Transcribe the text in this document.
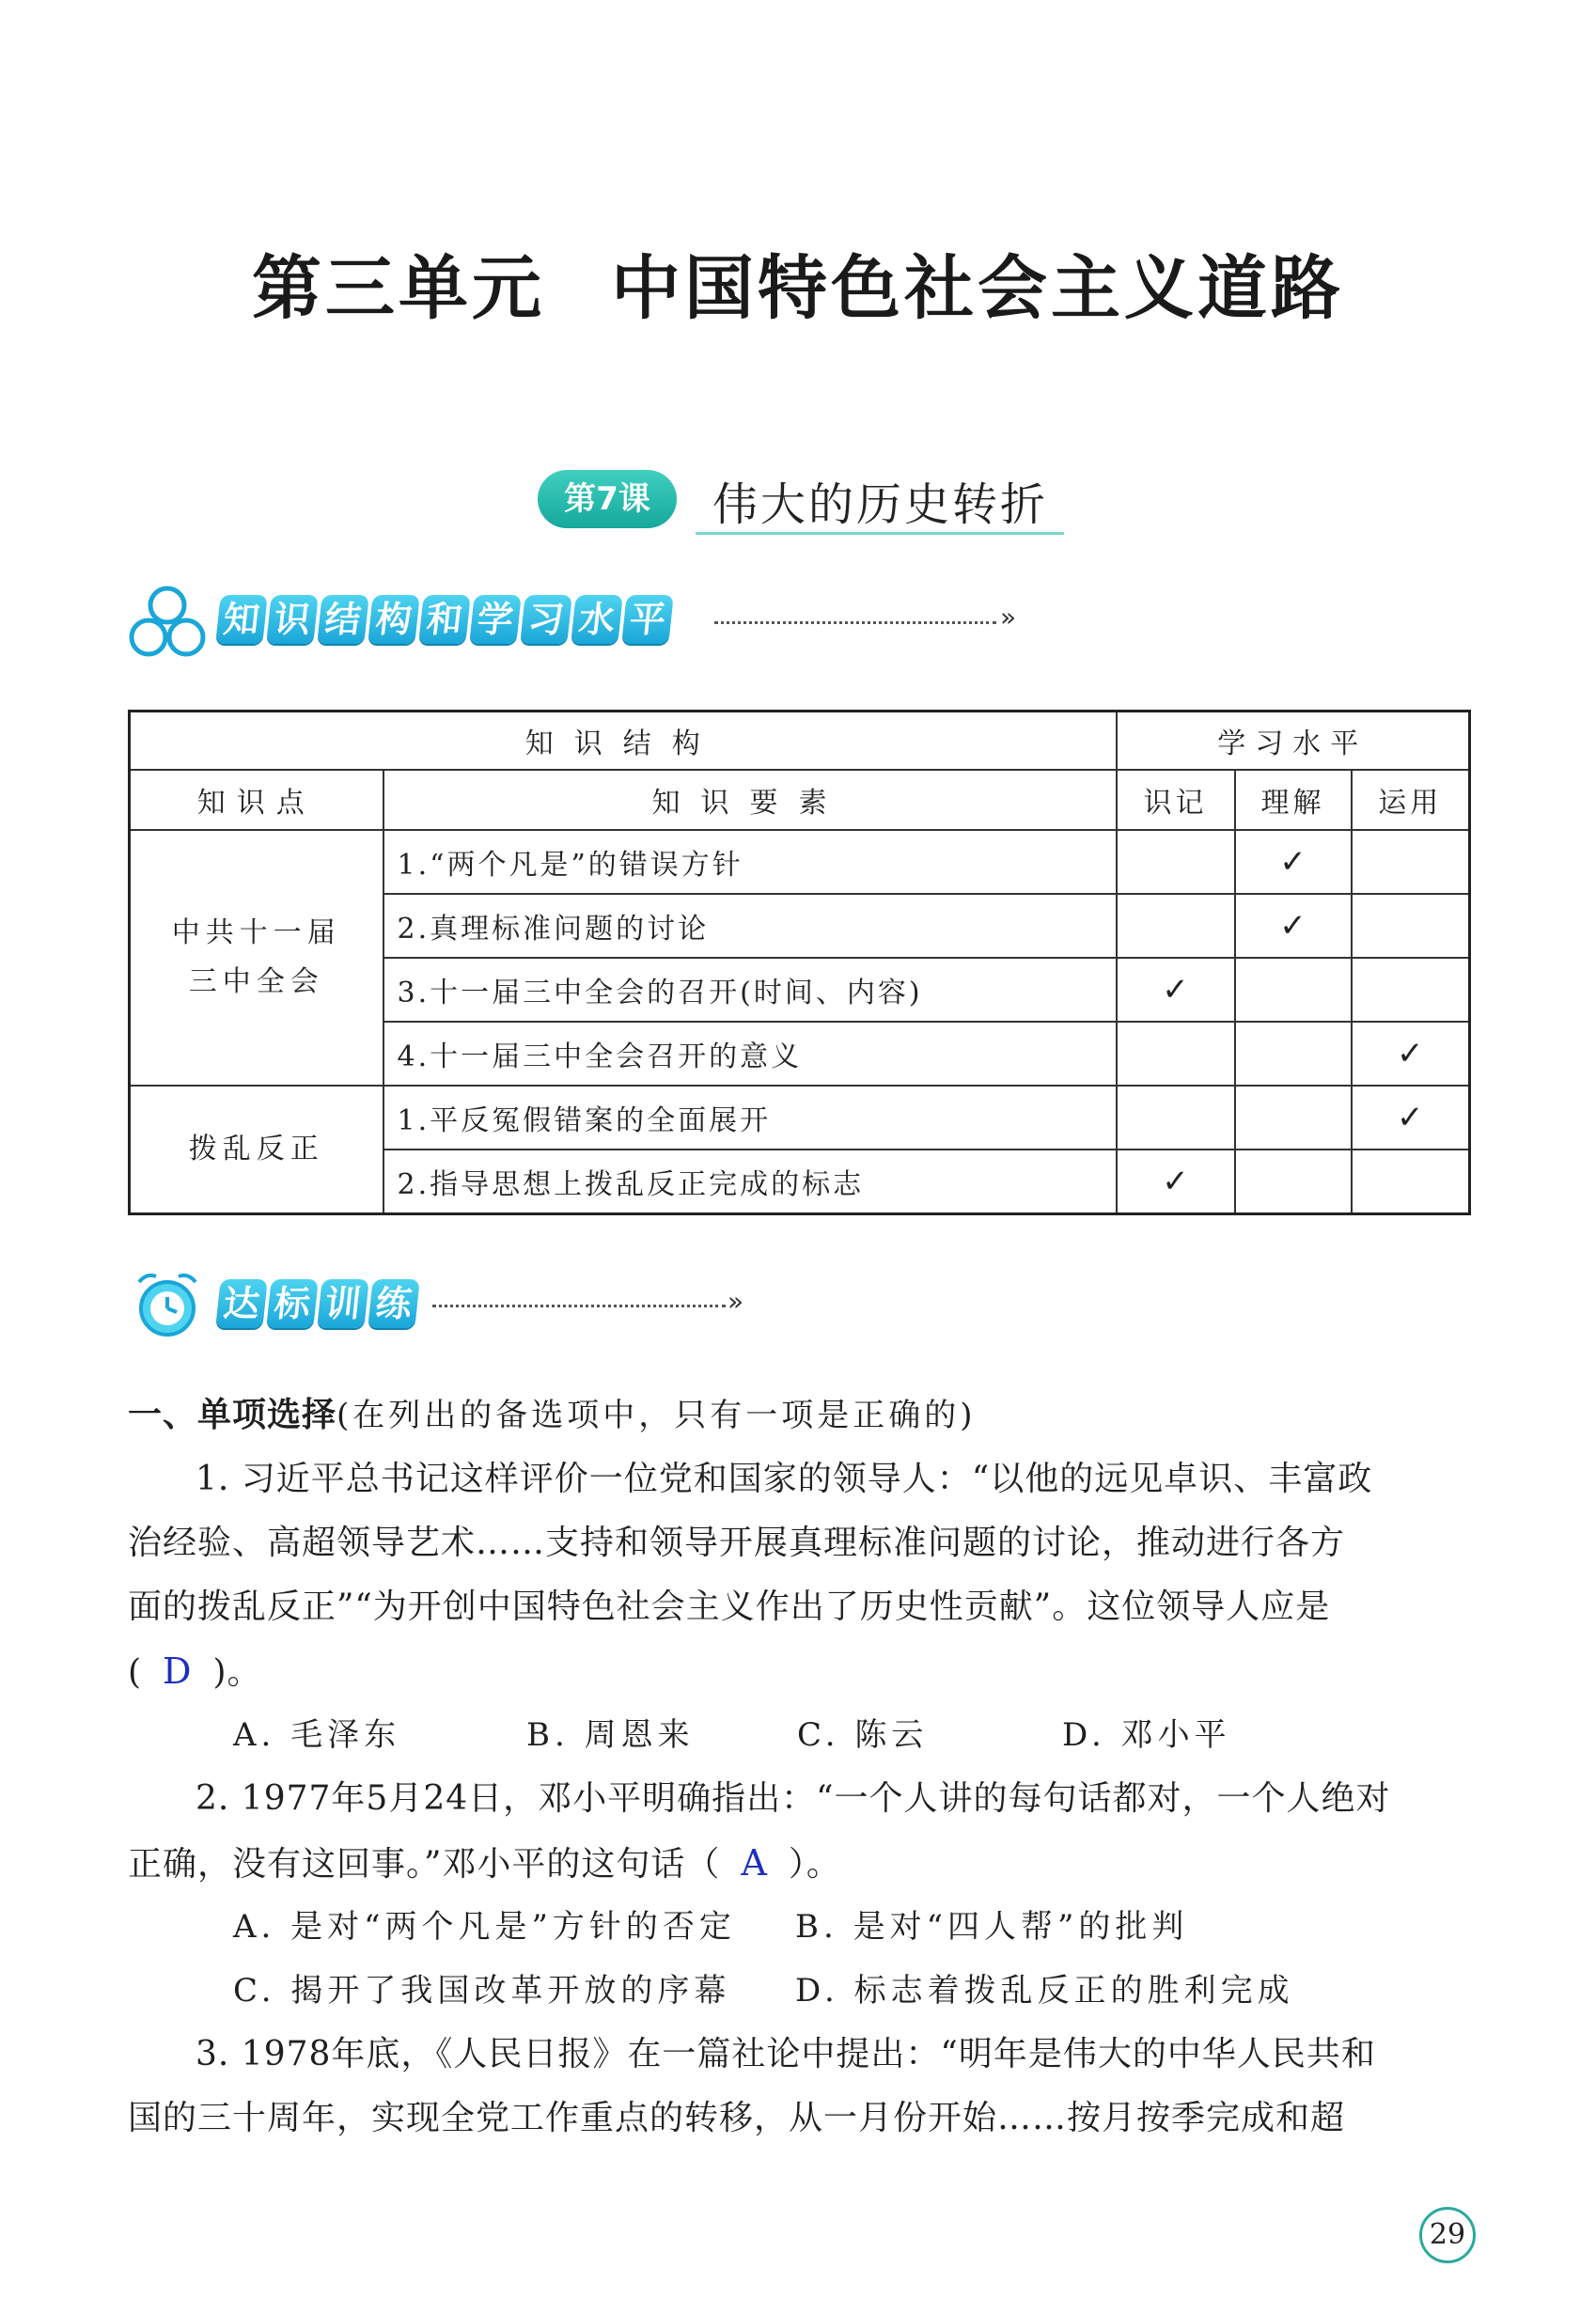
第三单元 中国特色社会主义道路
第7课	伟大的历史转折
知 识 结 构 和 学 习 水 平	»
知识结构		学习水平		
知识点	知识要素	识记	理解	运用

中共十一届
三中全会	1.“两个凡是”的错误方针		✓	
	2.真理标准问题的讨论		✓	
	3.十一届三中全会的召开(时间、内容)	✓		
	4.十一届三中全会召开的意义			✓

拨乱反正	1.平反冤假错案的全面展开			✓
	2.指导思想上拨乱反正完成的标志	✓		
达 标 训 练	»
一、单项选择(在列出的备选项中，只有一项是正确的)
1. 习近平总书记这样评价一位党和国家的领导人：“以他的远见卓识、丰富政
治经验、高超领导艺术……支持和领导开展真理标准问题的讨论，推动进行各方
面的拨乱反正”“为开创中国特色社会主义作出了历史性贡献”。这位领导人应是
( D )。
A. 毛泽东	B. 周恩来	C. 陈云	D. 邓小平
2. 1977年5月24日，邓小平明确指出：“一个人讲的每句话都对，一个人绝对
正确，没有这回事。”邓小平的这句话（ A ）。
A. 是对“两个凡是”方针的否定 B. 是对“四人帮”的批判
C. 揭开了我国改革开放的序幕 D. 标志着拨乱反正的胜利完成
3. 1978年底，《人民日报》在一篇社论中提出：“明年是伟大的中华人民共和
国的三十周年，实现全党工作重点的转移，从一月份开始……按月按季完成和超
29
